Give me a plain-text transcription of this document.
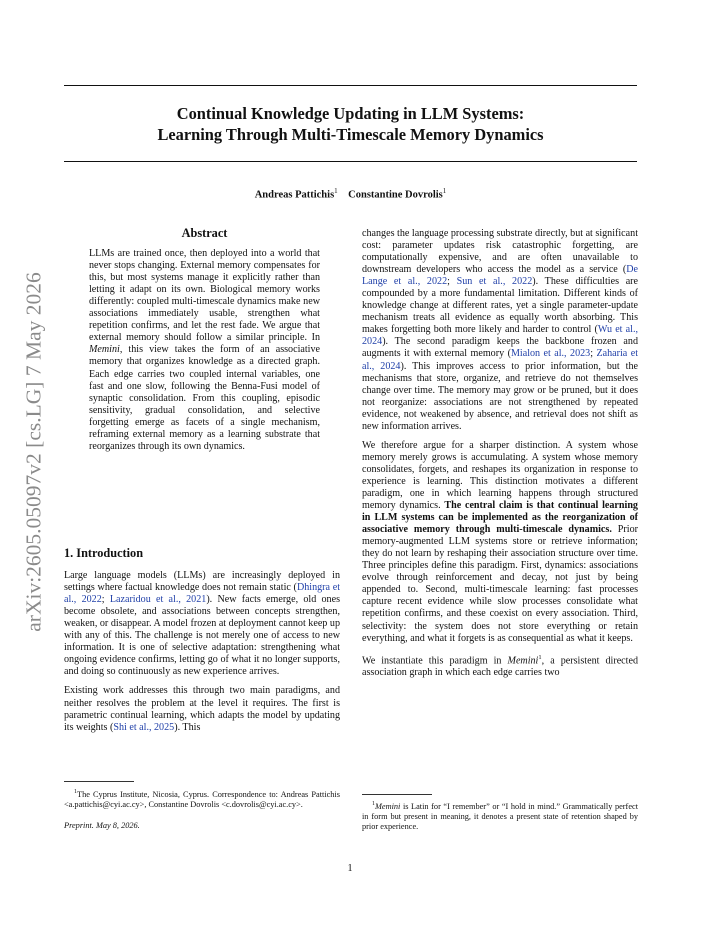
Continual Knowledge Updating in LLM Systems:
Learning Through Multi-Timescale Memory Dynamics
Andreas Pattichis$^1$ Constantine Dovrolis$^1$
arXiv:2605.05097v2 [cs.LG] 7 May 2026
Abstract

LLMs are trained once, then deployed into a world that never stops changing. External memory compensates for this, but most systems manage it explicitly rather than letting it adapt on its own. Biological memory works differently: coupled multi-timescale dynamics make new associations immediately usable, strengthen what repetition confirms, and let the rest fade. We argue that external memory should follow a similar principle. In Memini, this view takes the form of an associative memory that organizes knowledge as a directed graph. Each edge carries two coupled internal variables, one fast and one slow, following the Benna-Fusi model of synaptic consolidation. From this coupling, episodic sensitivity, gradual consolidation, and selective forgetting emerge as facets of a single mechanism, reframing external memory as a learning substrate that reorganizes through its own dynamics.

1. Introduction

Large language models (LLMs) are increasingly deployed in settings where factual knowledge does not remain static (Dhingra et al., 2022; Lazaridou et al., 2021). New facts emerge, old ones become obsolete, and associations between concepts strengthen, weaken, or disappear. A model frozen at deployment cannot keep up with any of this. The challenge is not merely one of access to new information. It is one of selective adaptation: strengthening what ongoing evidence confirms, letting go of what it no longer supports, and doing so continuously as new experience arrives.

Existing work addresses this through two main paradigms, and neither resolves the problem at the level it requires. The first is parametric continual learning, which adapts the model by updating its weights (Shi et al., 2025). This

$^1$The Cyprus Institute, Nicosia, Cyprus. Correspondence to: Andreas Pattichis <a.pattichis@cyi.ac.cy>, Constantine Dovrolis <c.dovrolis@cyi.ac.cy>.

Preprint. May 8, 2026.

changes the language processing substrate directly, but at significant cost: parameter updates risk catastrophic forgetting, are computationally expensive, and are often unavailable to downstream developers who access the model as a service (De Lange et al., 2022; Sun et al., 2022). These difficulties are compounded by a more fundamental limitation. Different kinds of knowledge change at different rates, yet a single parameter-update mechanism treats all evidence as equally worth absorbing. This makes forgetting both more likely and harder to control (Wu et al., 2024). The second paradigm keeps the backbone frozen and augments it with external memory (Mialon et al., 2023; Zaharia et al., 2024). This improves access to prior information, but the mechanisms that store, organize, and retrieve do not themselves change over time. The memory may grow or be pruned, but it does not reorganize: associations are not strengthened by repeated evidence, not weakened by absence, and retrieval does not shift as new information arrives.

We therefore argue for a sharper distinction. A system whose memory merely grows is accumulating. A system whose memory consolidates, forgets, and reshapes its organization in response to experience is learning. This distinction motivates a different paradigm, one in which learning happens through structured memory dynamics. The central claim is that continual learning in LLM systems can be implemented as the reorganization of associative memory through multi-timescale dynamics. Prior memory-augmented LLM systems store or retrieve information; they do not learn by reshaping their association structure over time. Three principles define this paradigm. First, dynamics: associations evolve through reinforcement and decay, not just by being appended to. Second, multi-timescale learning: fast processes capture recent evidence while slow processes consolidate what repetition confirms, and these coexist on every association. Third, selectivity: the system does not store everything or retain everything, and what it forgets is as consequential as what it keeps.

We instantiate this paradigm in Memini$^1$, a persistent directed association graph in which each edge carries two

$^1$Memini is Latin for “I remember” or “I hold in mind.” Grammatically perfect in form but present in meaning, it denotes a present state of retention shaped by prior experience.

1
